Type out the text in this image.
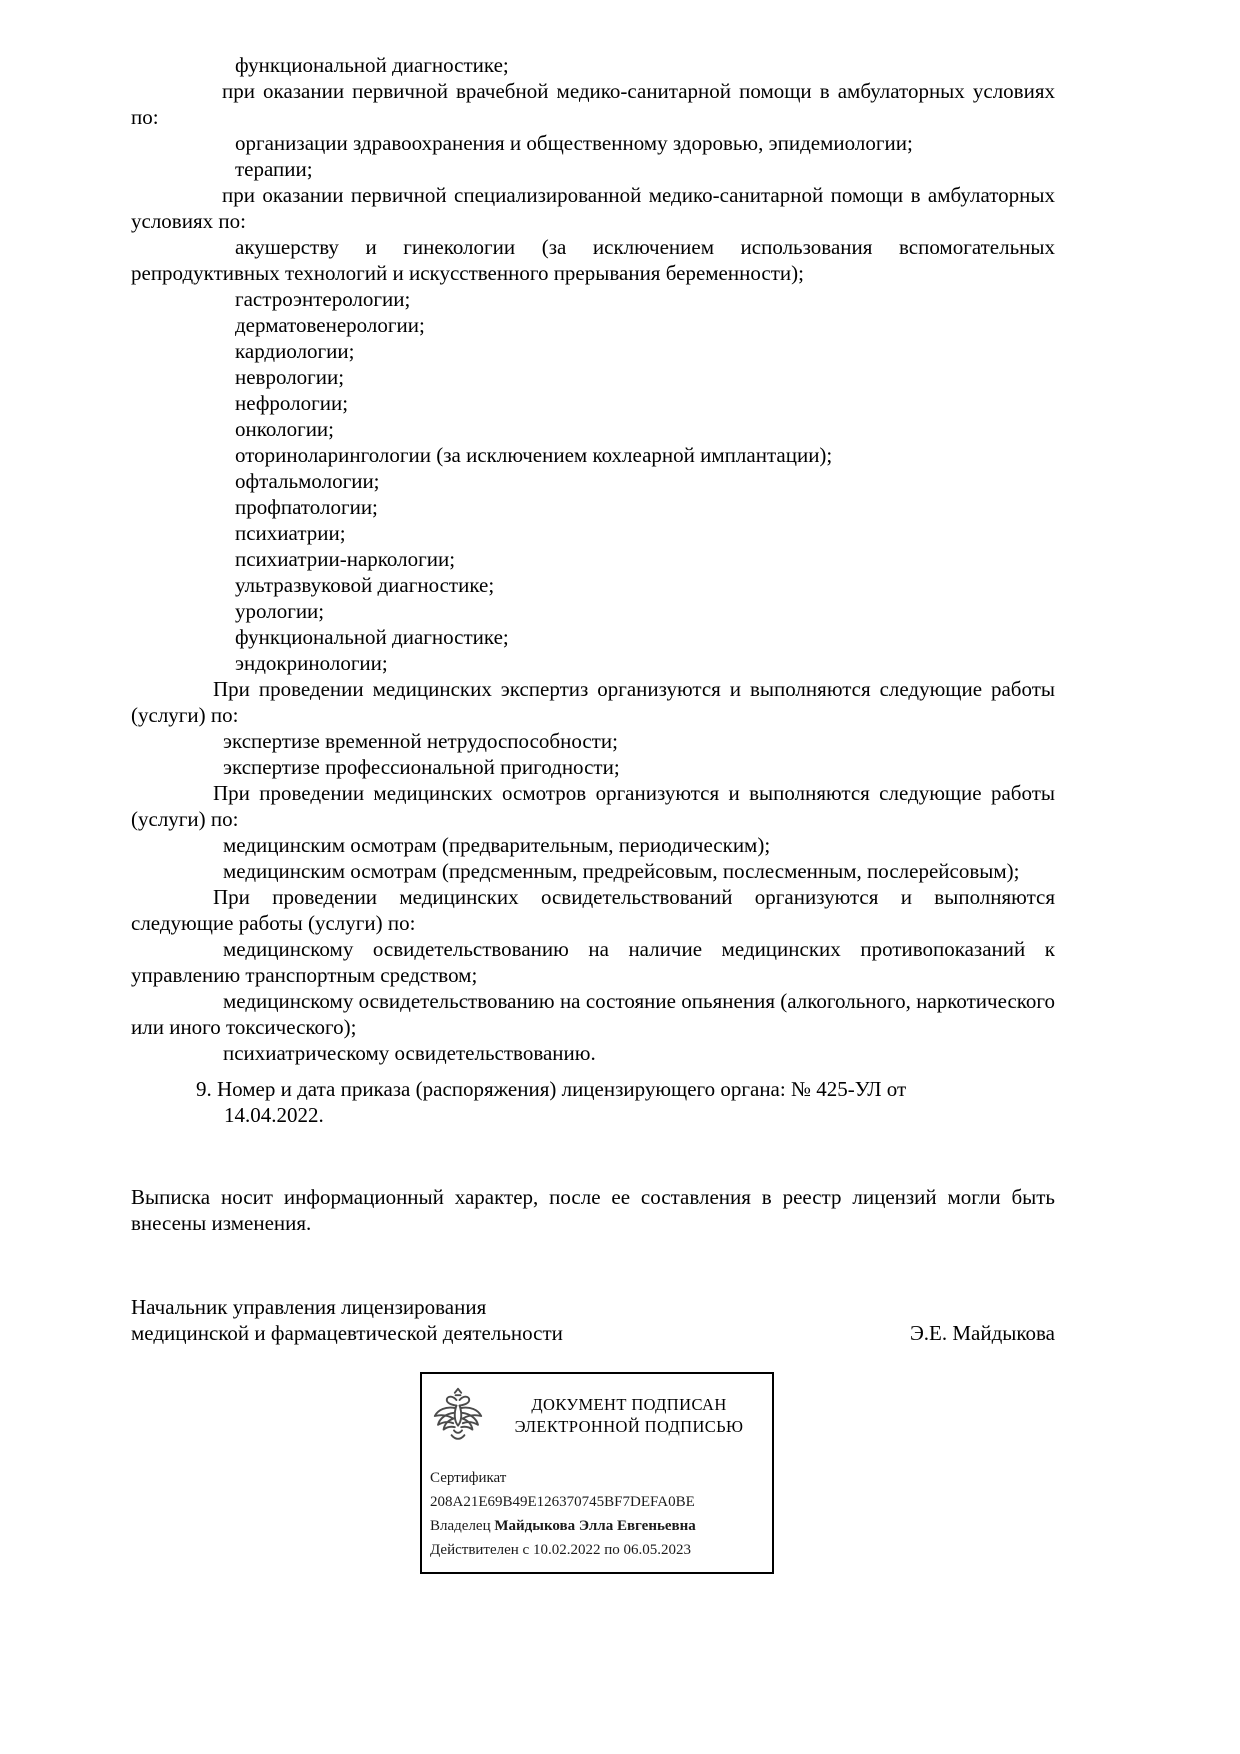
функциональной диагностике;
при оказании первичной врачебной медико-санитарной помощи в амбулаторных условиях по:
организации здравоохранения и общественному здоровью, эпидемиологии;
терапии;
при оказании первичной специализированной медико-санитарной помощи в амбулаторных условиях по:
акушерству и гинекологии (за исключением использования вспомогательных репродуктивных технологий и искусственного прерывания беременности);
гастроэнтерологии;
дерматовенерологии;
кардиологии;
неврологии;
нефрологии;
онкологии;
оториноларингологии (за исключением кохлеарной имплантации);
офтальмологии;
профпатологии;
психиатрии;
психиатрии-наркологии;
ультразвуковой диагностике;
урологии;
функциональной диагностике;
эндокринологии;
При проведении медицинских экспертиз организуются и выполняются следующие работы (услуги) по:
экспертизе временной нетрудоспособности;
экспертизе профессиональной пригодности;
При проведении медицинских осмотров организуются и выполняются следующие работы (услуги) по:
медицинским осмотрам (предварительным, периодическим);
медицинским осмотрам (предсменным, предрейсовым, послесменным, послерейсовым);
При проведении медицинских освидетельствований организуются и выполняются следующие работы (услуги) по:
медицинскому освидетельствованию на наличие медицинских противопоказаний к управлению транспортным средством;
медицинскому освидетельствованию на состояние опьянения (алкогольного, наркотического или иного токсического);
психиатрическому освидетельствованию.
9. Номер и дата приказа (распоряжения) лицензирующего органа: № 425-УЛ от
14.04.2022.
Выписка носит информационный характер, после ее составления в реестр лицензий могли быть внесены изменения.
Начальник управления лицензирования
медицинской и фармацевтической деятельности	Э.Е. Майдыкова
ДОКУМЕНТ ПОДПИСАН
ЭЛЕКТРОННОЙ ПОДПИСЬЮ
Сертификат 208A21E69B49E126370745BF7DEFA0BE
Владелец Майдыкова Элла Евгеньевна
Действителен с 10.02.2022 по 06.05.2023
